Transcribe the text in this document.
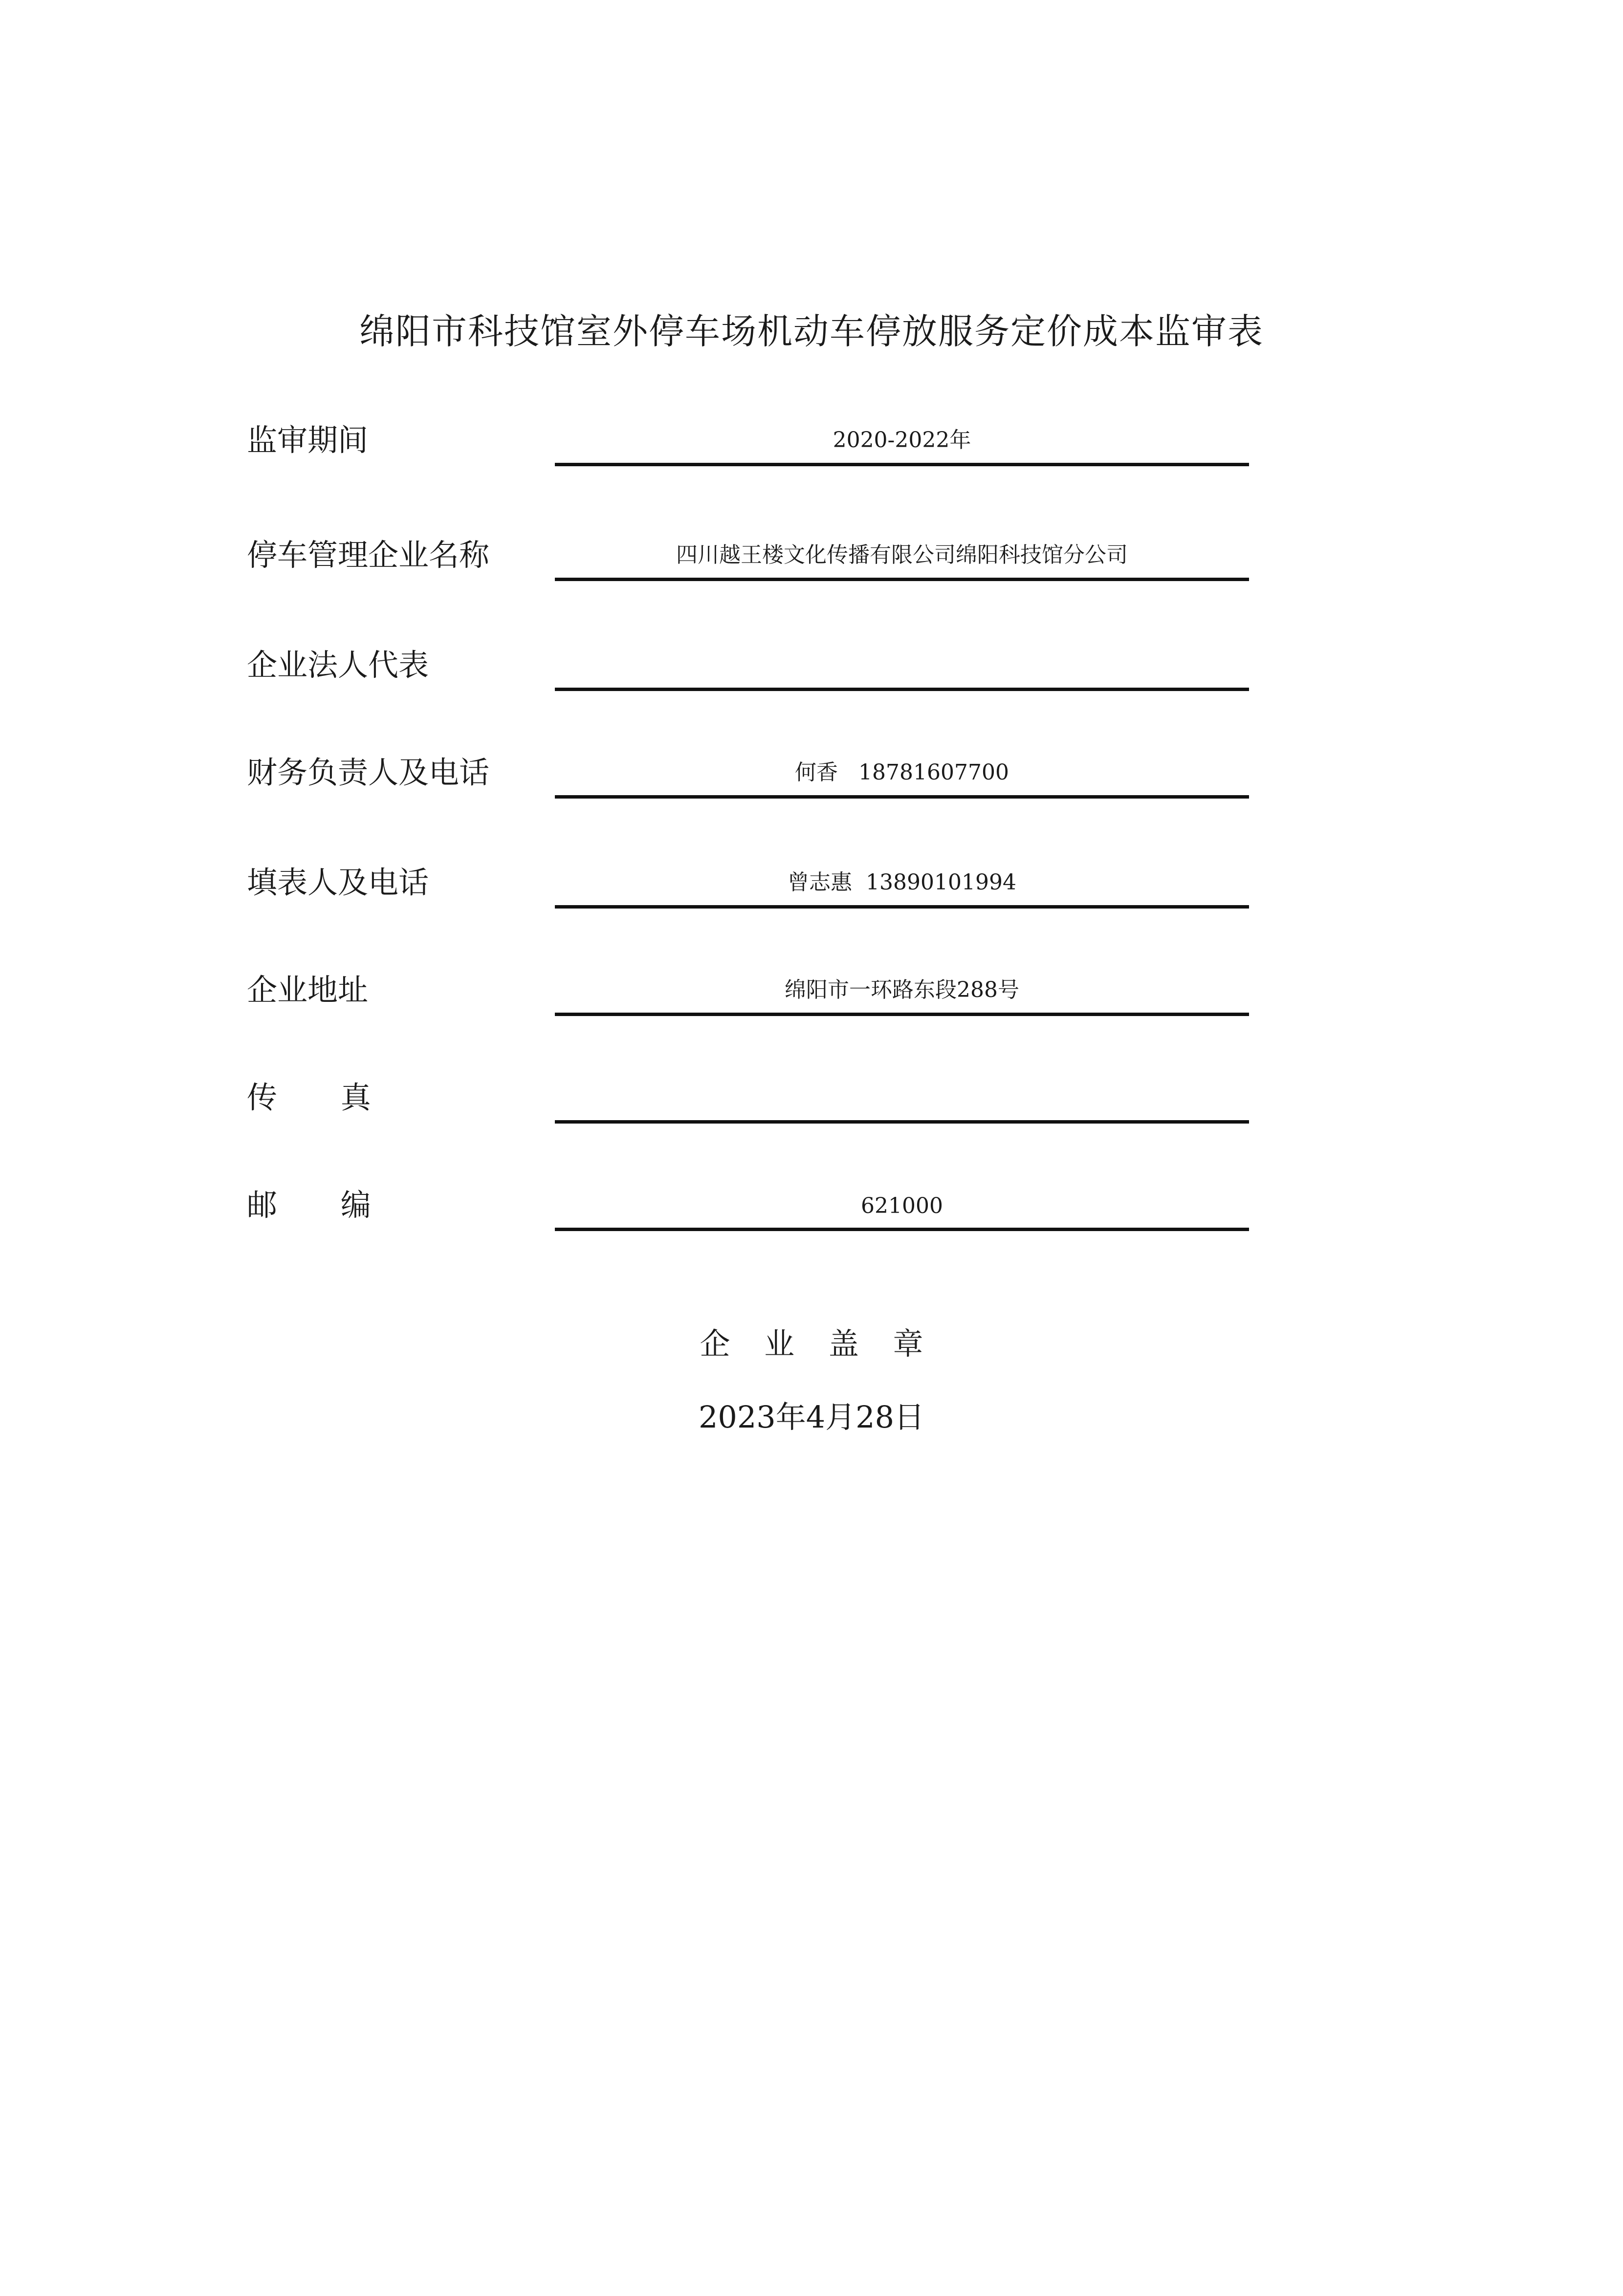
绵阳市科技馆室外停车场机动车停放服务定价成本监审表
监审期间	2020-2022年
停车管理企业名称	四川越王楼文化传播有限公司绵阳科技馆分公司
企业法人代表
财务负责人及电话	何香   18781607700
填表人及电话	曾志惠  13890101994
企业地址	绵阳市一环路东段288号
传 真
邮 编	621000
企 业 盖 章
2023年4月28日
